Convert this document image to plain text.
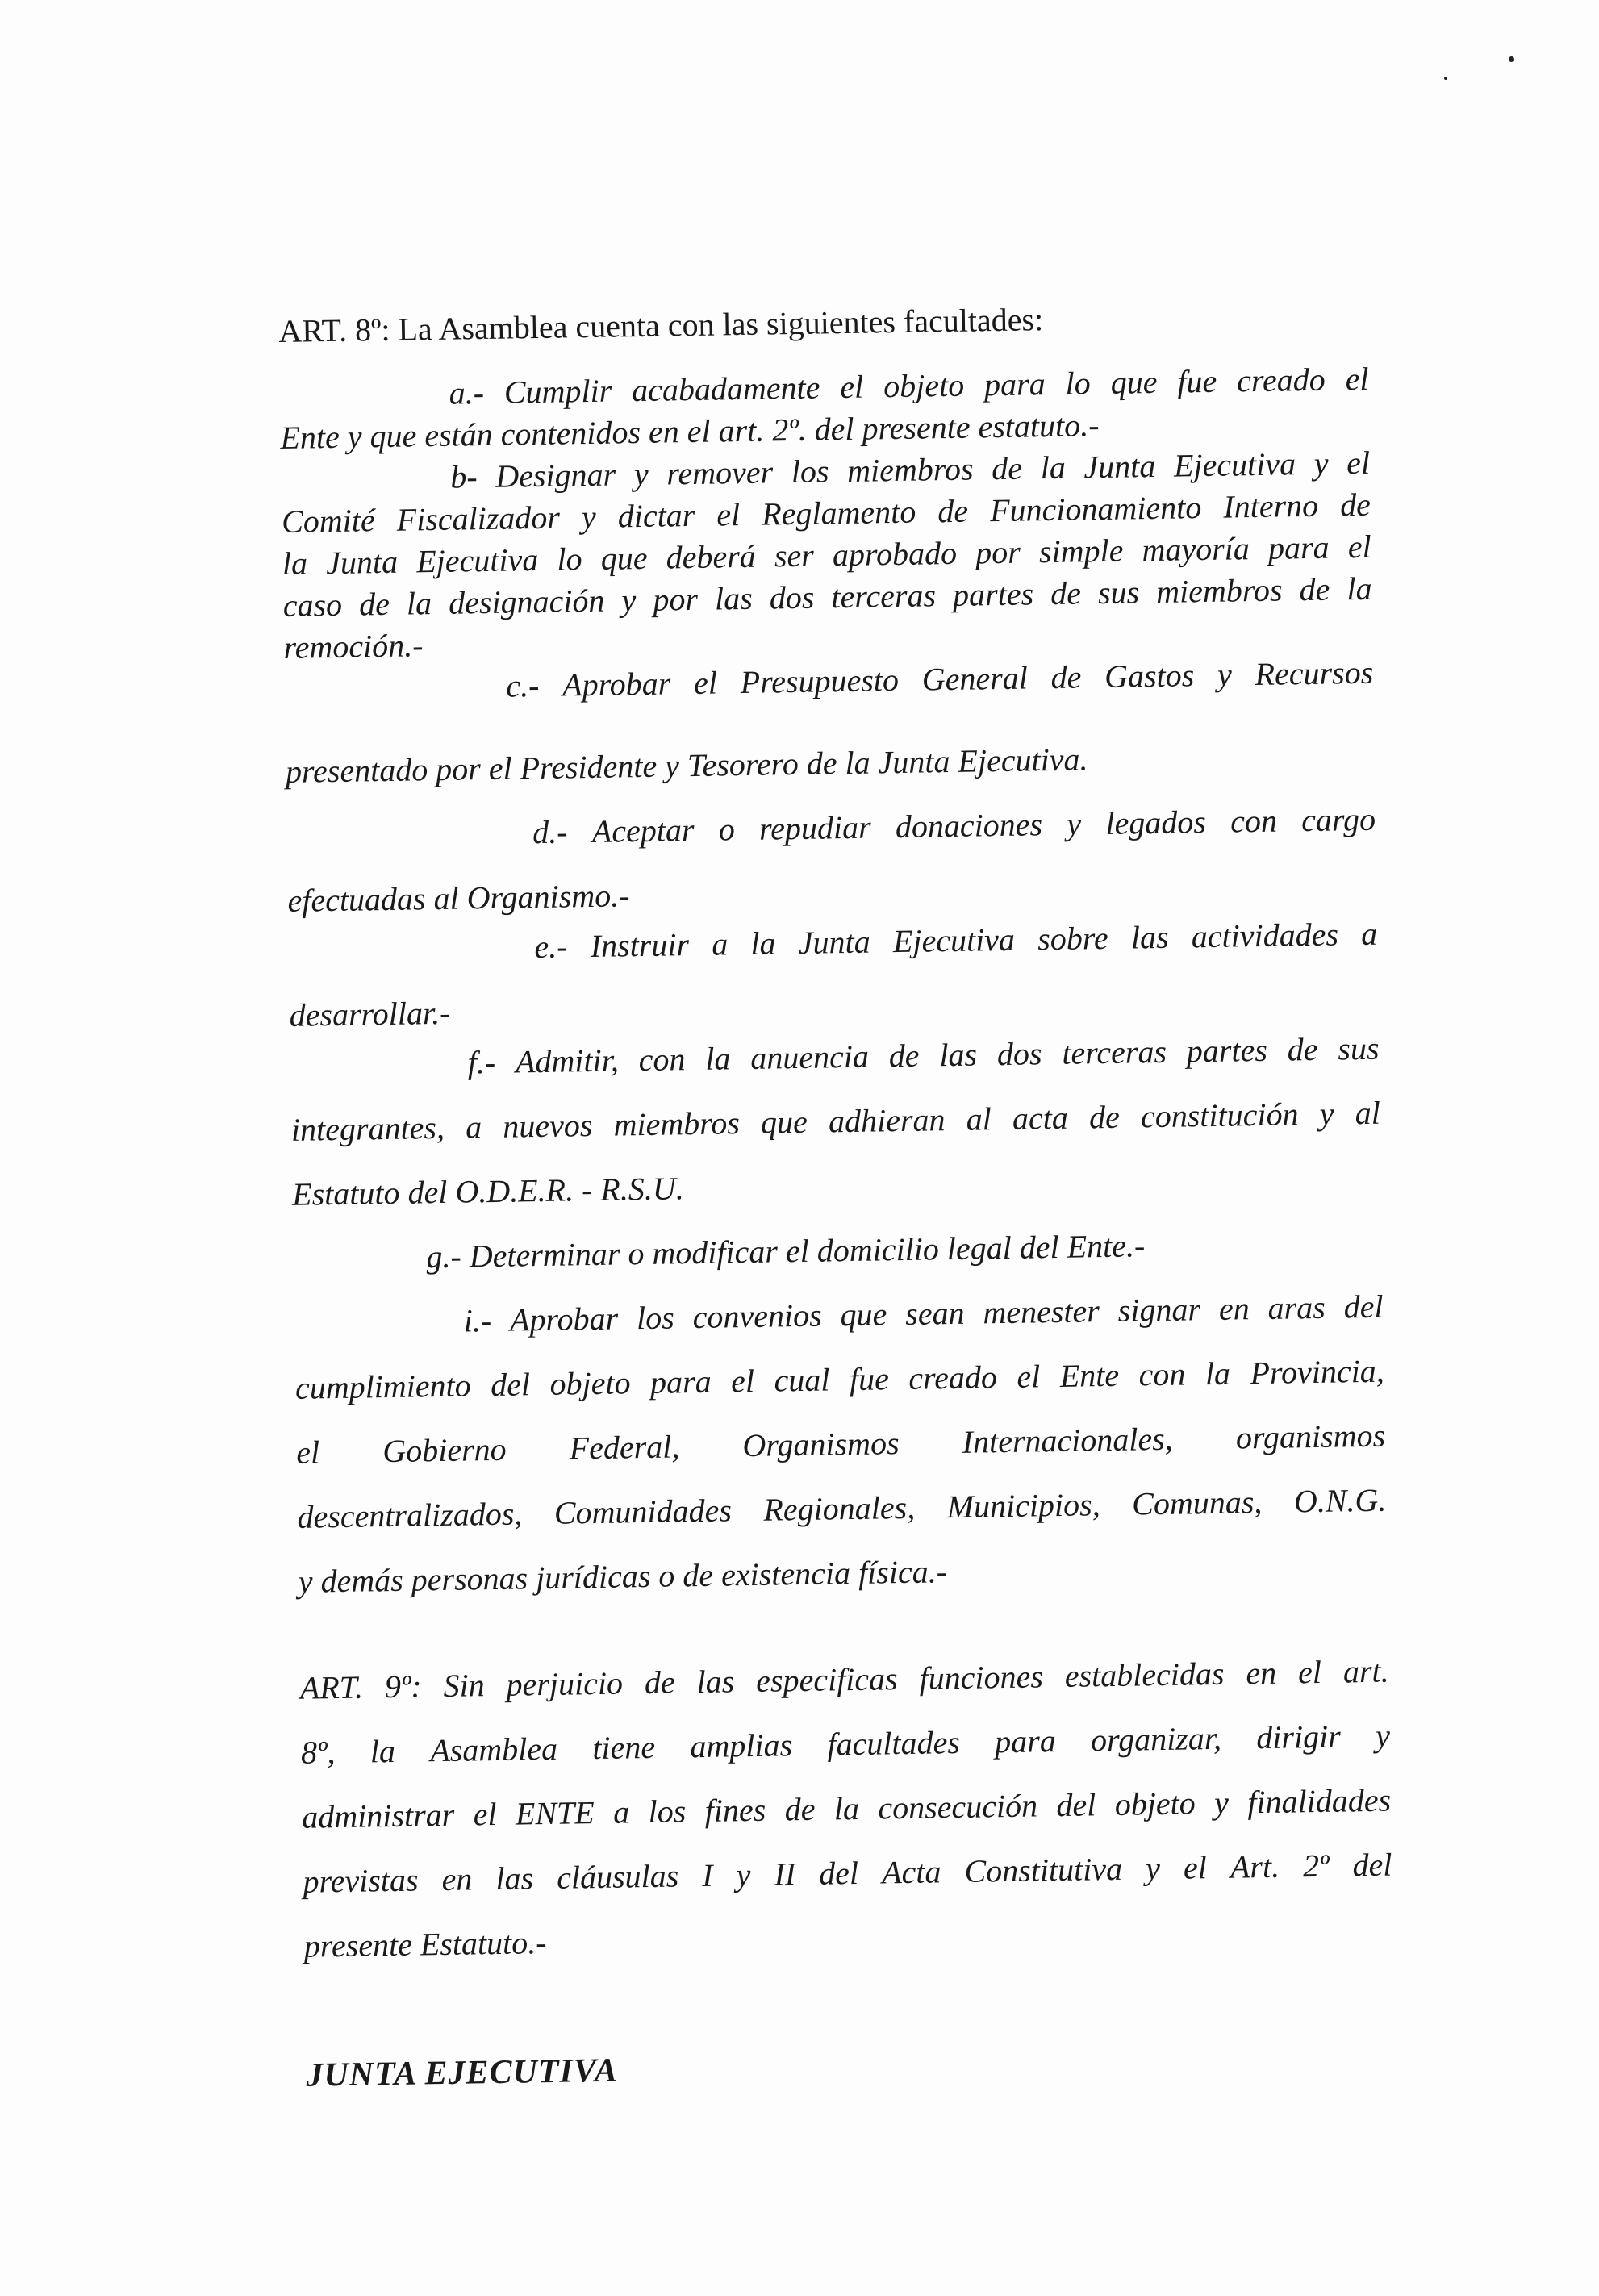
ART. 8º: La Asamblea cuenta con las siguientes facultades:
a.- Cumplir acabadamente el objeto para lo que fue creado el
Ente y que están contenidos en el art. 2º. del presente estatuto.-
b- Designar y remover los miembros de la Junta Ejecutiva y el
Comité Fiscalizador y dictar el Reglamento de Funcionamiento Interno de
la Junta Ejecutiva lo que deberá ser aprobado por simple mayoría para el
caso de la designación y por las dos terceras partes de sus miembros de la
remoción.-
c.- Aprobar el Presupuesto General de Gastos y Recursos
presentado por el Presidente y Tesorero de la Junta Ejecutiva.
d.- Aceptar o repudiar donaciones y legados con cargo
efectuadas al Organismo.-
e.- Instruir a la Junta Ejecutiva sobre las actividades a
desarrollar.-
f.- Admitir, con la anuencia de las dos terceras partes de sus
integrantes, a nuevos miembros que adhieran al acta de constitución y al
Estatuto del O.D.E.R. - R.S.U.
g.- Determinar o modificar el domicilio legal del Ente.-
i.- Aprobar los convenios que sean menester signar en aras del
cumplimiento del objeto para el cual fue creado el Ente con la Provincia,
el Gobierno Federal, Organismos Internacionales, organismos
descentralizados, Comunidades Regionales, Municipios, Comunas, O.N.G.
y demás personas jurídicas o de existencia física.-
ART. 9º: Sin perjuicio de las especificas funciones establecidas en el art.
8º, la Asamblea tiene amplias facultades para organizar, dirigir y
administrar el ENTE a los fines de la consecución del objeto y finalidades
previstas en las cláusulas I y II del Acta Constitutiva y el Art. 2º del
presente Estatuto.-
JUNTA EJECUTIVA
